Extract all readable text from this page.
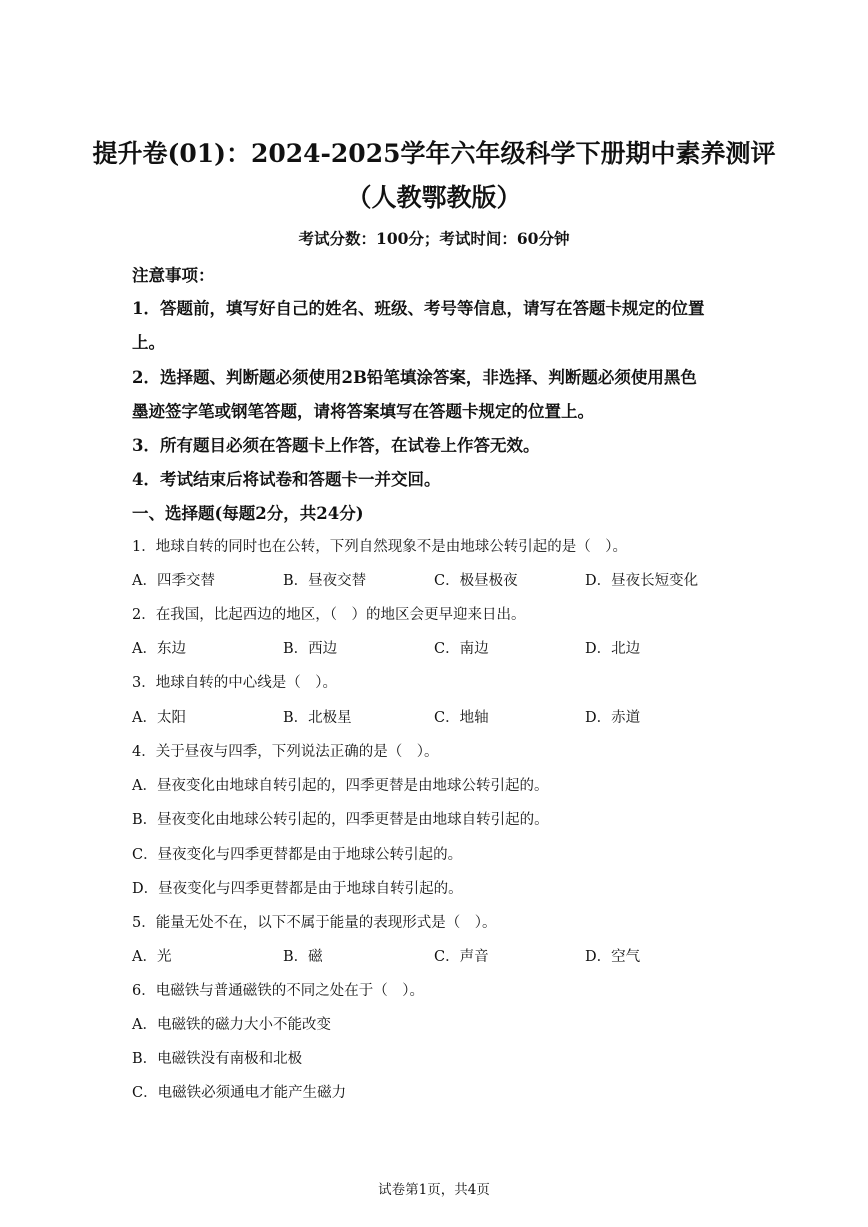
提升卷(01)：2024-2025学年六年级科学下册期中素养测评
（人教鄂教版）
考试分数：100分；考试时间：60分钟
注意事项：
1．答题前，填写好自己的姓名、班级、考号等信息，请写在答题卡规定的位置
上。
2．选择题、判断题必须使用2B铅笔填涂答案，非选择、判断题必须使用黑色
墨迹签字笔或钢笔答题，请将答案填写在答题卡规定的位置上。
3．所有题目必须在答题卡上作答，在试卷上作答无效。
4．考试结束后将试卷和答题卡一并交回。
一、选择题(每题2分，共24分)
1．地球自转的同时也在公转，下列自然现象不是由地球公转引起的是（　）。
A．四季交替	B．昼夜交替	C．极昼极夜	D．昼夜长短变化
2．在我国，比起西边的地区，（　）的地区会更早迎来日出。
A．东边	B．西边	C．南边	D．北边
3．地球自转的中心线是（　）。
A．太阳	B．北极星	C．地轴	D．赤道
4．关于昼夜与四季，下列说法正确的是（　）。
A．昼夜变化由地球自转引起的，四季更替是由地球公转引起的。
B．昼夜变化由地球公转引起的，四季更替是由地球自转引起的。
C．昼夜变化与四季更替都是由于地球公转引起的。
D．昼夜变化与四季更替都是由于地球自转引起的。
5．能量无处不在，以下不属于能量的表现形式是（　）。
A．光	B．磁	C．声音	D．空气
6．电磁铁与普通磁铁的不同之处在于（　）。
A．电磁铁的磁力大小不能改变
B．电磁铁没有南极和北极
C．电磁铁必须通电才能产生磁力
试卷第1页，共4页
